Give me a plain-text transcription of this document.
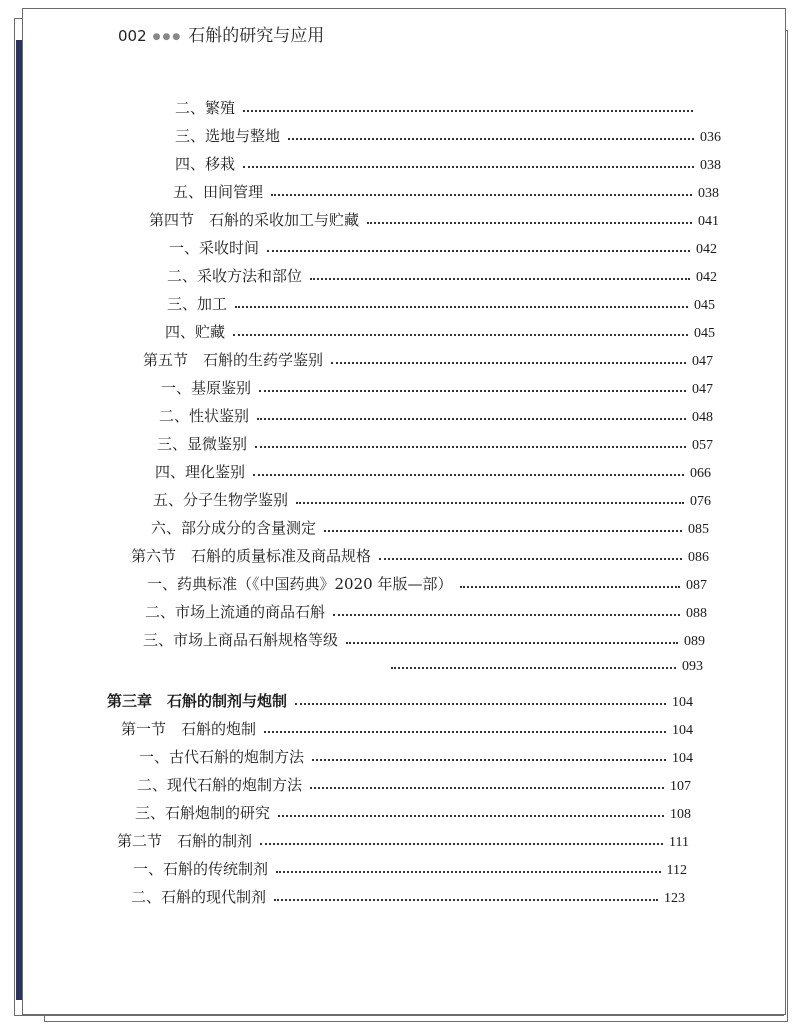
002 ●●● 石斛的研究与应用
二、繁殖
三、选地与整地	036
四、移栽	038
五、田间管理	038
第四节　石斛的采收加工与贮藏	041
一、采收时间	042
二、采收方法和部位	042
三、加工	045
四、贮藏	045
第五节　石斛的生药学鉴别	047
一、基原鉴别	047
二、性状鉴别	048
三、显微鉴别	057
四、理化鉴别	066
五、分子生物学鉴别	076
六、部分成分的含量测定	085
第六节　石斛的质量标准及商品规格	086
一、药典标准（《中国药典》2020 年版—部）	087
二、市场上流通的商品石斛	088
三、市场上商品石斛规格等级	089
093
第三章　石斛的制剂与炮制	104
第一节　石斛的炮制	104
一、古代石斛的炮制方法	104
二、现代石斛的炮制方法	107
三、石斛炮制的研究	108
第二节　石斛的制剂	111
一、石斛的传统制剂	112
二、石斛的现代制剂	123
